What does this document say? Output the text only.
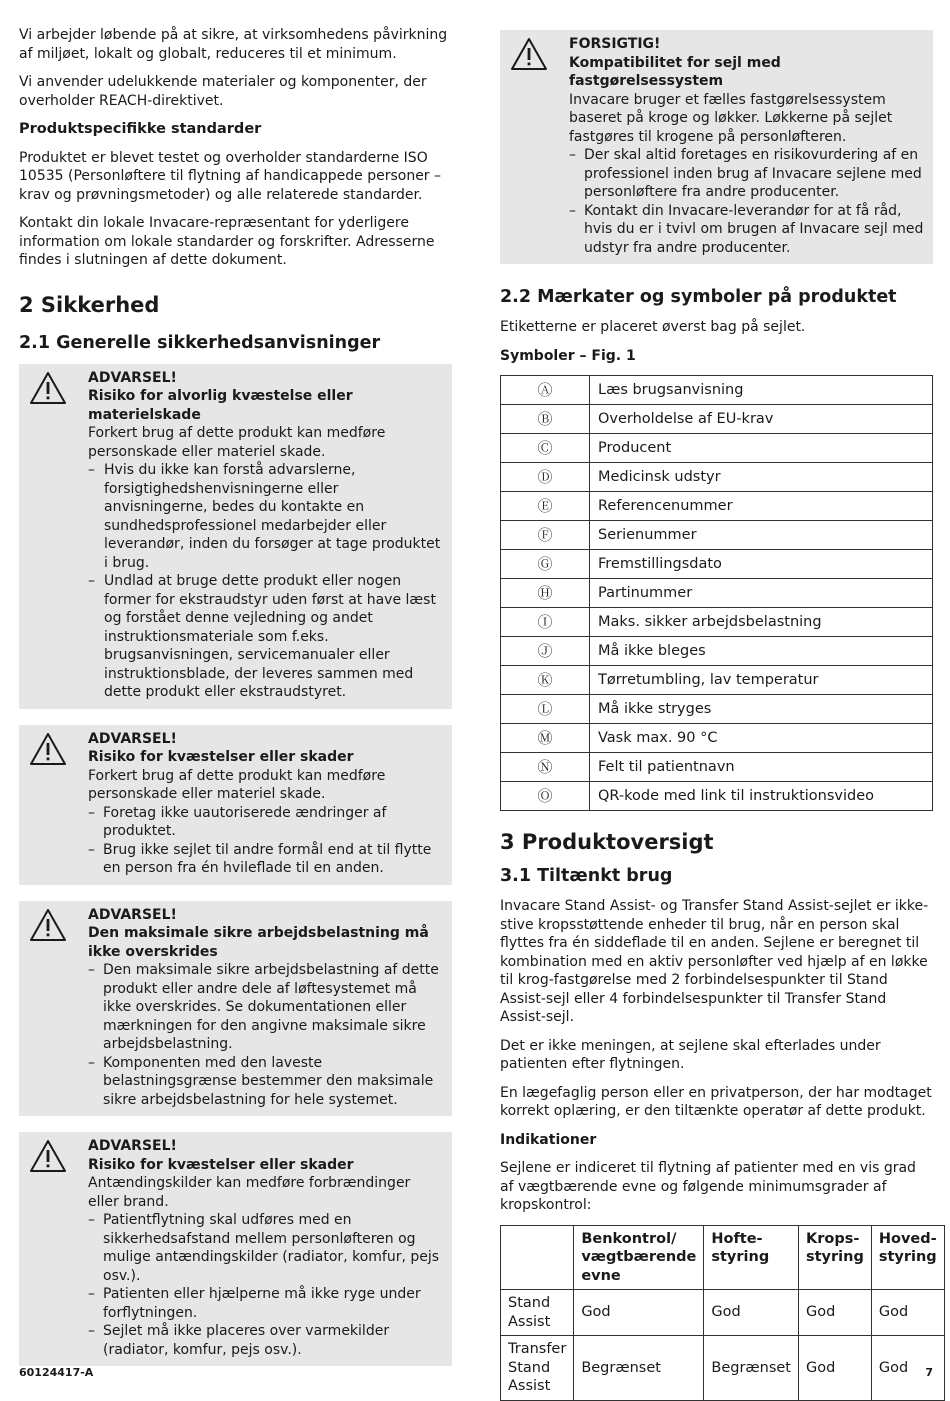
Vi arbejder løbende på at sikre, at virksomhedens påvirkning af miljøet, lokalt og globalt, reduceres til et minimum.

Vi anvender udelukkende materialer og komponenter, der overholder REACH-direktivet.

Produktspecifikke standarder

Produktet er blevet testet og overholder standarderne ISO 10535 (Personløftere til flytning af handicappede personer – krav og prøvningsmetoder) og alle relaterede standarder.

Kontakt din lokale Invacare-repræsentant for yderligere information om lokale standarder og forskrifter. Adresserne findes i slutningen af dette dokument.

2 Sikkerhed
2.1 Generelle sikkerhedsanvisninger
ADVARSEL!
Risiko for alvorlig kvæstelse eller materielskade
Forkert brug af dette produkt kan medføre personskade eller materiel skade.
– Hvis du ikke kan forstå advarslerne, forsigtighedshenvisningerne eller anvisningerne, bedes du kontakte en sundhedsprofessionel medarbejder eller leverandør, inden du forsøger at tage produktet i brug.
– Undlad at bruge dette produkt eller nogen former for ekstraudstyr uden først at have læst og forstået denne vejledning og andet instruktionsmateriale som f.eks. brugsanvisningen, servicemanualer eller instruktionsblade, der leveres sammen med dette produkt eller ekstraudstyret.
ADVARSEL!
Risiko for kvæstelser eller skader
Forkert brug af dette produkt kan medføre personskade eller materiel skade.
– Foretag ikke uautoriserede ændringer af produktet.
– Brug ikke sejlet til andre formål end at til flytte en person fra én hvileflade til en anden.
ADVARSEL!
Den maksimale sikre arbejdsbelastning må ikke overskrides
– Den maksimale sikre arbejdsbelastning af dette produkt eller andre dele af løftesystemet må ikke overskrides. Se dokumentationen eller mærkningen for den angivne maksimale sikre arbejdsbelastning.
– Komponenten med den laveste belastningsgrænse bestemmer den maksimale sikre arbejdsbelastning for hele systemet.
ADVARSEL!
Risiko for kvæstelser eller skader
Antændingskilder kan medføre forbrændinger eller brand.
– Patientflytning skal udføres med en sikkerhedsafstand mellem personløfteren og mulige antændingskilder (radiator, komfur, pejs osv.).
– Patienten eller hjælperne må ikke ryge under forflytningen.
– Sejlet må ikke placeres over varmekilder (radiator, komfur, pejs osv.).
FORSIGTIG!
Kompatibilitet for sejl med fastgørelsessystem
Invacare bruger et fælles fastgørelsessystem baseret på kroge og løkker. Løkkerne på sejlet fastgøres til krogene på personløfteren.
– Der skal altid foretages en risikovurdering af en professionel inden brug af Invacare sejlene med personløftere fra andre producenter.
– Kontakt din Invacare-leverandør for at få råd, hvis du er i tvivl om brugen af Invacare sejl med udstyr fra andre producenter.
2.2 Mærkater og symboler på produktet

Etiketterne er placeret øverst bag på sejlet.

Symboler – Fig. 1
Ⓐ	Læs brugsanvisning
Ⓑ	Overholdelse af EU-krav
Ⓒ	Producent
Ⓓ	Medicinsk udstyr
Ⓔ	Referencenummer
Ⓕ	Serienummer
Ⓖ	Fremstillingsdato
Ⓗ	Partinummer
Ⓘ	Maks. sikker arbejdsbelastning
Ⓙ	Må ikke bleges
Ⓚ	Tørretumbling, lav temperatur
Ⓛ	Må ikke stryges
Ⓜ	Vask max. 90 °C
Ⓝ	Felt til patientnavn
Ⓞ	QR-kode med link til instruktionsvideo
3 Produktoversigt
3.1 Tiltænkt brug

Invacare Stand Assist- og Transfer Stand Assist-sejlet er ikke-stive kropsstøttende enheder til brug, når en person skal flyttes fra én siddeflade til en anden. Sejlene er beregnet til kombination med en aktiv personløfter ved hjælp af en løkke til krog-fastgørelse med 2 forbindelsespunkter til Stand Assist-sejl eller 4 forbindelsespunkter til Transfer Stand Assist-sejl.

Det er ikke meningen, at sejlene skal efterlades under patienten efter flytningen.

En lægefaglig person eller en privatperson, der har modtaget korrekt oplæring, er den tiltænkte operatør af dette produkt.

Indikationer

Sejlene er indiceret til flytning af patienter med en vis grad af vægtbærende evne og følgende minimumsgrader af kropskontrol:

	Benkontrol/ vægtbærende evne	Hoftestyring	Kropsstyring	Hovedstyring
Stand Assist	God	God	God	God
Transfer Stand Assist	Begrænset	Begrænset	God	God
60124417-A	7
